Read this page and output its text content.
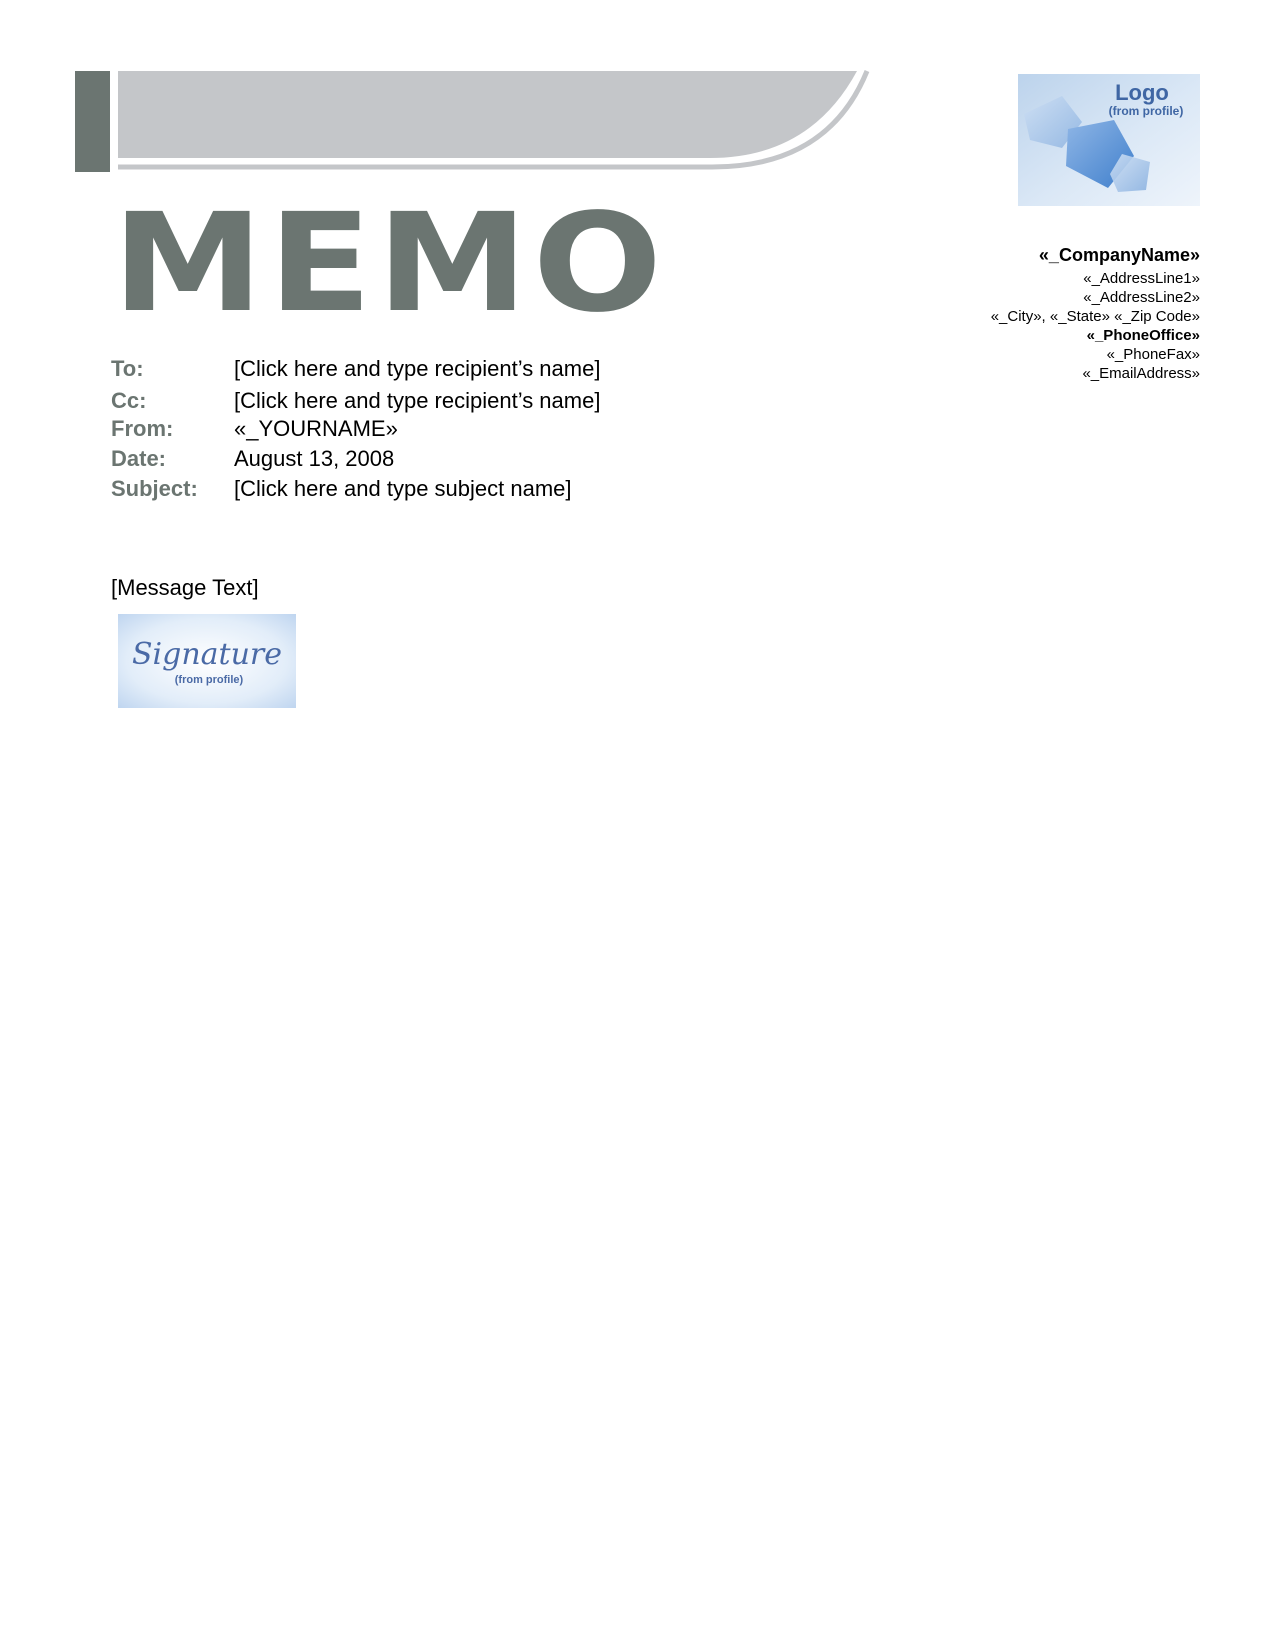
MEMO
Logo
(from profile)
«_CompanyName»
«_AddressLine1»
«_AddressLine2»
«_City», «_State» «_Zip Code»
«_PhoneOffice»
«_PhoneFax»
«_EmailAddress»
To:	[Click here and type recipient’s name]
Cc:	[Click here and type recipient’s name]
From:	«_YOURNAME»
Date:	August 13, 2008
Subject: [Click here and type subject name]
[Message Text]
Signature
(from profile)
